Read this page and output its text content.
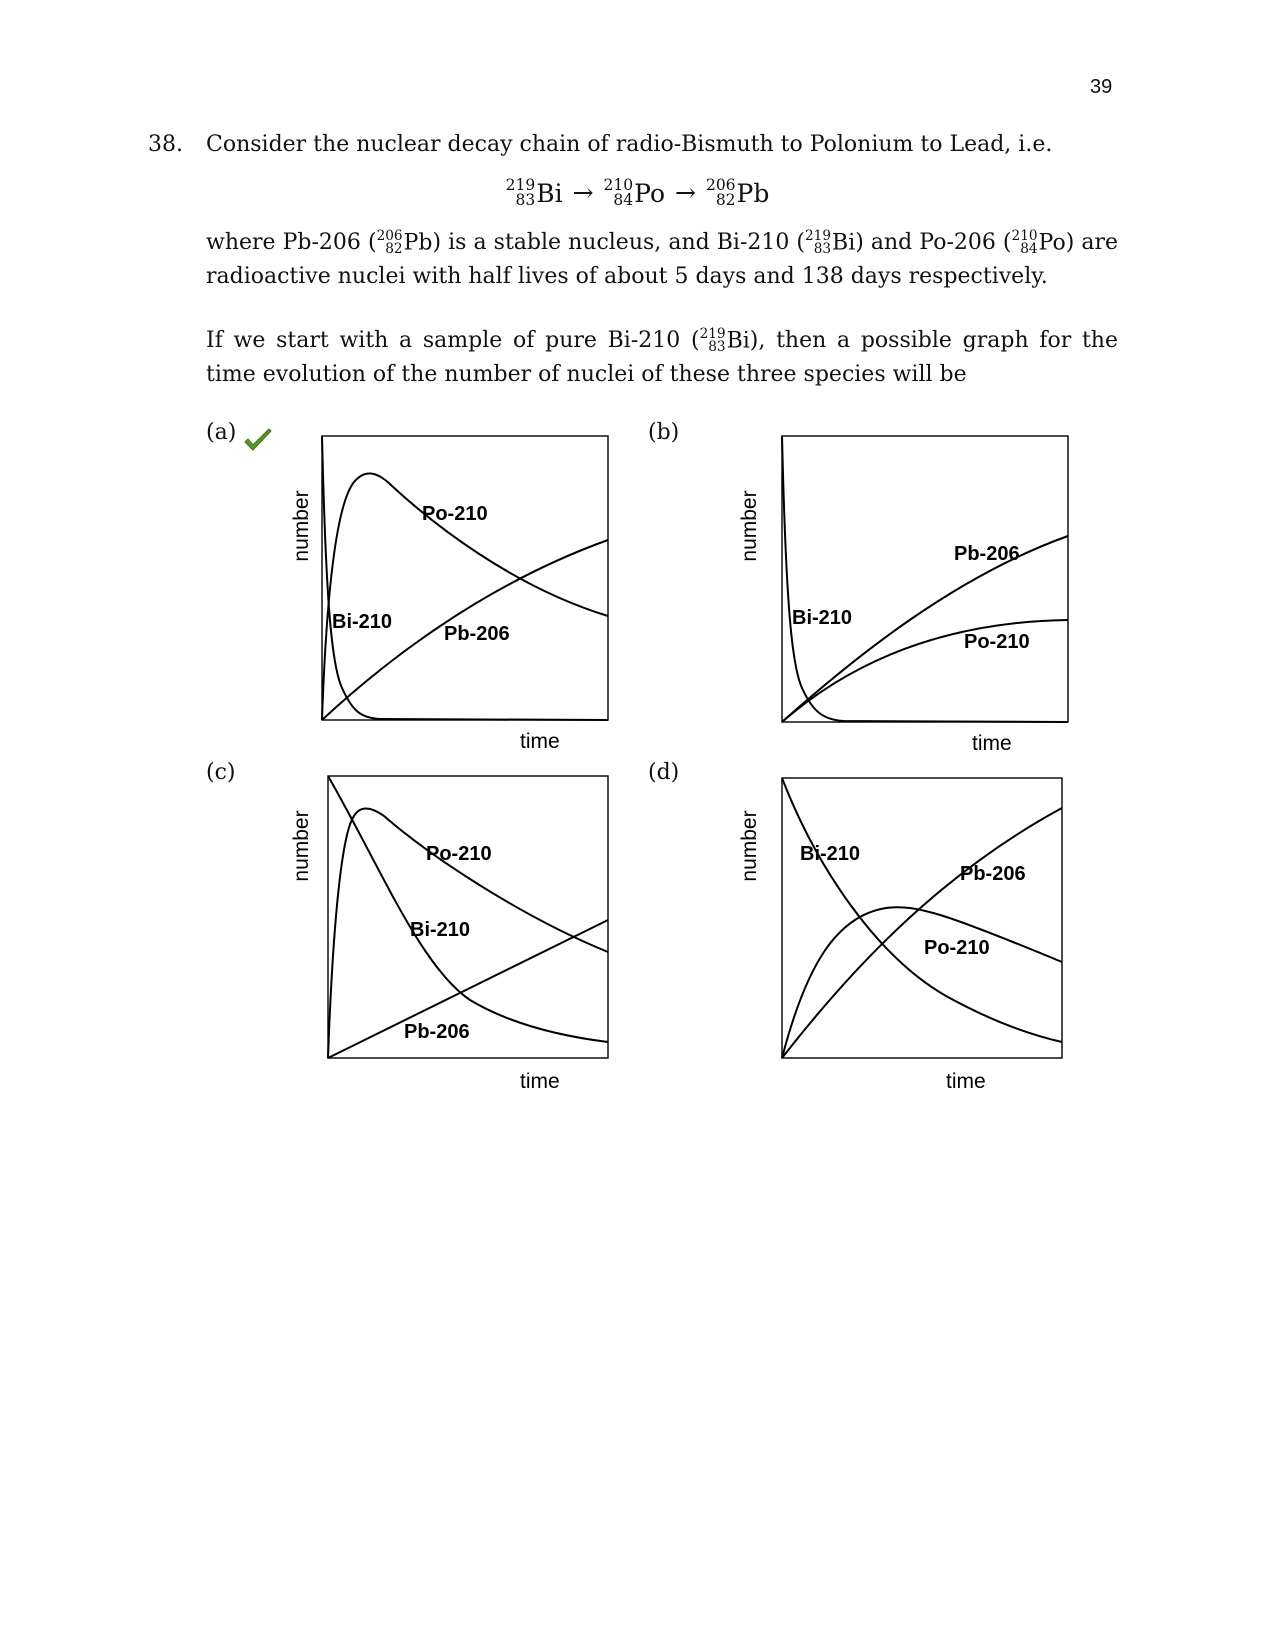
39
38. Consider the nuclear decay chain of radio-Bismuth to Polonium to Lead, i.e.

219
83 Bi → 210
84 Po → 206
82 Pb

where Pb-206 ( 206
82 Pb) is a stable nucleus, and Bi-210 ( 219
83 Bi) and Po-206 ( 210
84 Po) are radioactive nuclei with half lives of about 5 days and 138 days respectively.

If we start with a sample of pure Bi-210 ( 219
83 Bi), then a possible graph for the time evolution of the number of nuclei of these three species will be

(a)	(b)
(c)	(d)
Po-210
Bi-210
Pb-206
time
number	Pb-206
Bi-210
Po-210
time
number
Po-210
Bi-210
Pb-206
time
number	Bi-210
Pb-206
Po-210
time
number
